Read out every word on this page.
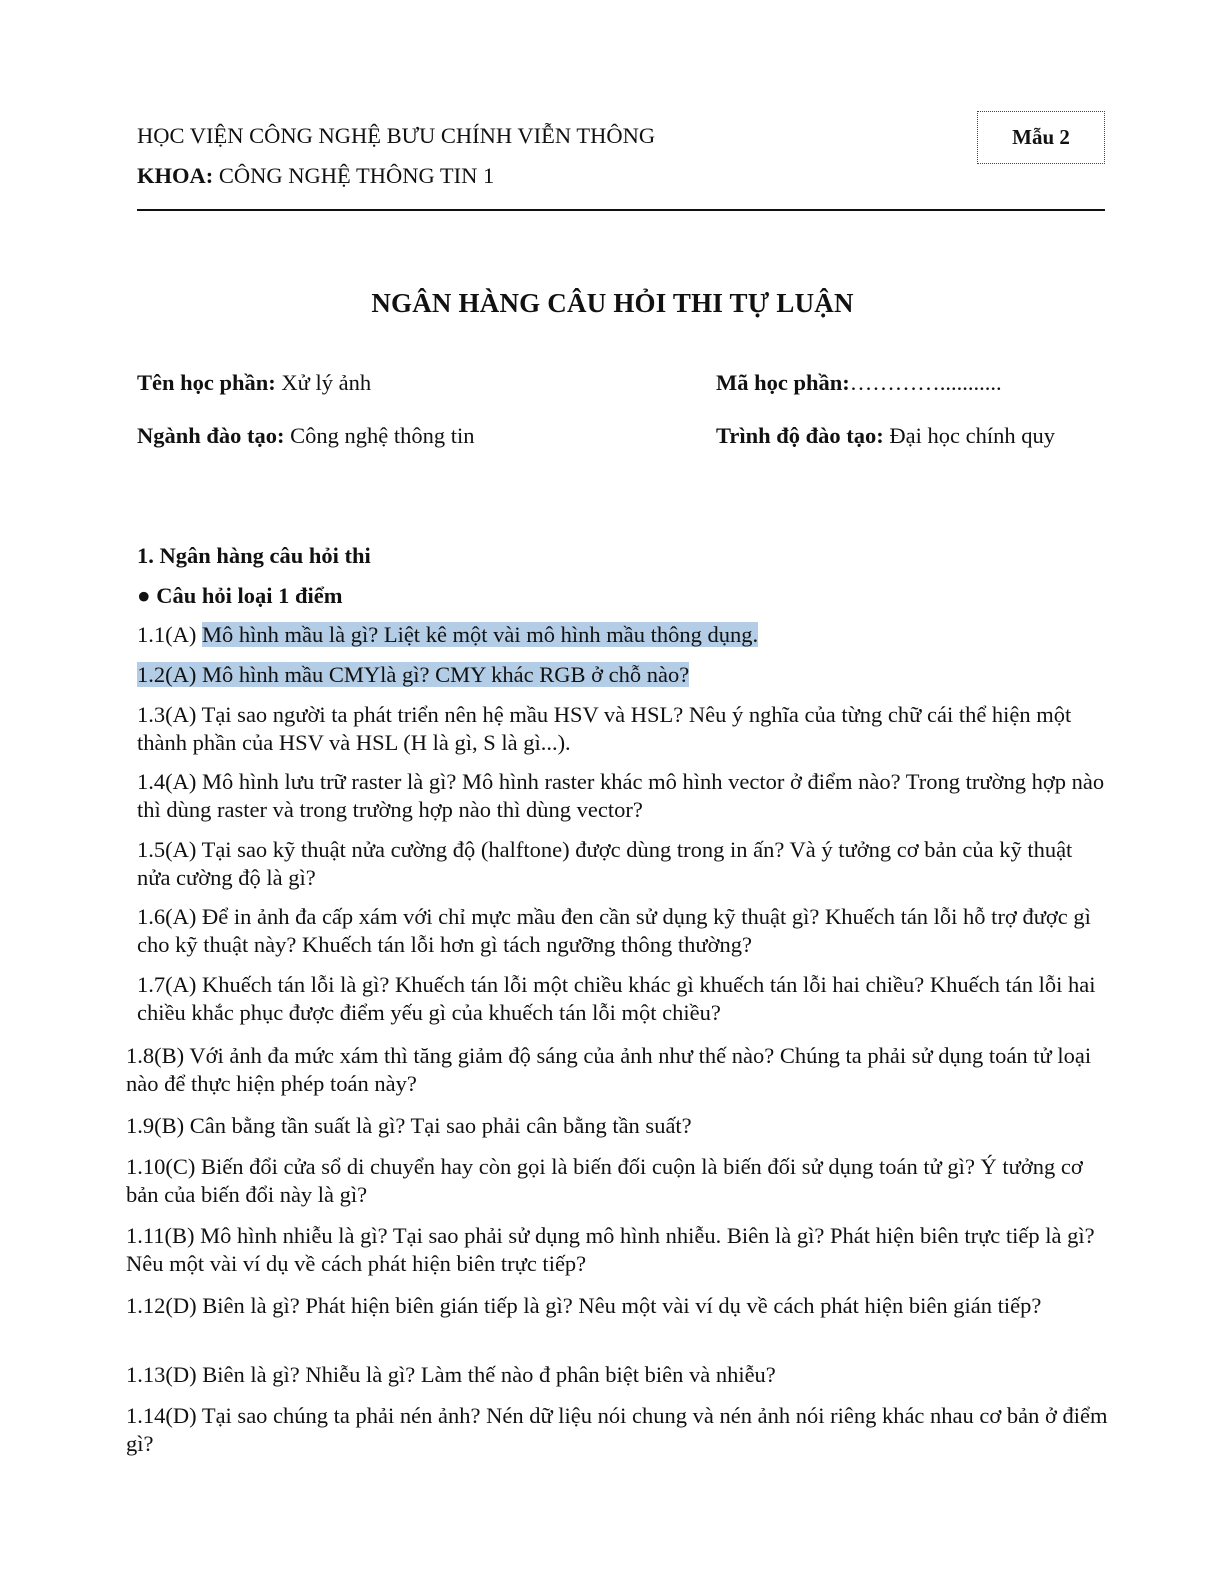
HỌC VIỆN CÔNG NGHỆ BƯU CHÍNH VIỄN THÔNG
KHOA: CÔNG NGHỆ THÔNG TIN 1
Mẫu 2
NGÂN HÀNG CÂU HỎI THI TỰ LUẬN
Tên học phần: Xử lý ảnh	Mã học phần:…………...........
Ngành đào tạo: Công nghệ thông tin	Trình độ đào tạo: Đại học chính quy
1. Ngân hàng câu hỏi thi
● Câu hỏi loại 1 điểm

1.1(A) Mô hình mầu là gì? Liệt kê một vài mô hình mầu thông dụng.

1.2(A) Mô hình mầu CMYlà gì? CMY khác RGB ở chỗ nào?

1.3(A) Tại sao người ta phát triển nên hệ mầu HSV và HSL? Nêu ý nghĩa của từng chữ cái thể hiện một thành phần của HSV và HSL (H là gì, S là gì...).

1.4(A) Mô hình lưu trữ raster là gì? Mô hình raster khác mô hình vector ở điểm nào? Trong trường hợp nào thì dùng raster và trong trường hợp nào thì dùng vector?

1.5(A) Tại sao kỹ thuật nửa cường độ (halftone) được dùng trong in ấn? Và ý tưởng cơ bản của kỹ thuật nửa cường độ là gì?

1.6(A) Để in ảnh đa cấp xám với chỉ mực mầu đen cần sử dụng kỹ thuật gì? Khuếch tán lỗi hỗ trợ được gì cho kỹ thuật này? Khuếch tán lỗi hơn gì tách ngưỡng thông thường?

1.7(A) Khuếch tán lỗi là gì? Khuếch tán lỗi một chiều khác gì khuếch tán lỗi hai chiều? Khuếch tán lỗi hai chiều khắc phục được điểm yếu gì của khuếch tán lỗi một chiều?

1.8(B) Với ảnh đa mức xám thì tăng giảm độ sáng của ảnh như thế nào? Chúng ta phải sử dụng toán tử loại nào để thực hiện phép toán này?

1.9(B) Cân bằng tần suất là gì? Tại sao phải cân bằng tần suất?

1.10(C) Biến đổi cửa sổ di chuyển hay còn gọi là biến đối cuộn là biến đối sử dụng toán tử gì? Ý tưởng cơ bản của biến đổi này là gì?

1.11(B) Mô hình nhiễu là gì? Tại sao phải sử dụng mô hình nhiễu. Biên là gì? Phát hiện biên trực tiếp là gì? Nêu một vài ví dụ về cách phát hiện biên trực tiếp?

1.12(D) Biên là gì? Phát hiện biên gián tiếp là gì? Nêu một vài ví dụ về cách phát hiện biên gián tiếp?

1.13(D) Biên là gì? Nhiễu là gì? Làm thế nào đ phân biệt biên và nhiễu?

1.14(D) Tại sao chúng ta phải nén ảnh? Nén dữ liệu nói chung và nén ảnh nói riêng khác nhau cơ bản ở điểm gì?
